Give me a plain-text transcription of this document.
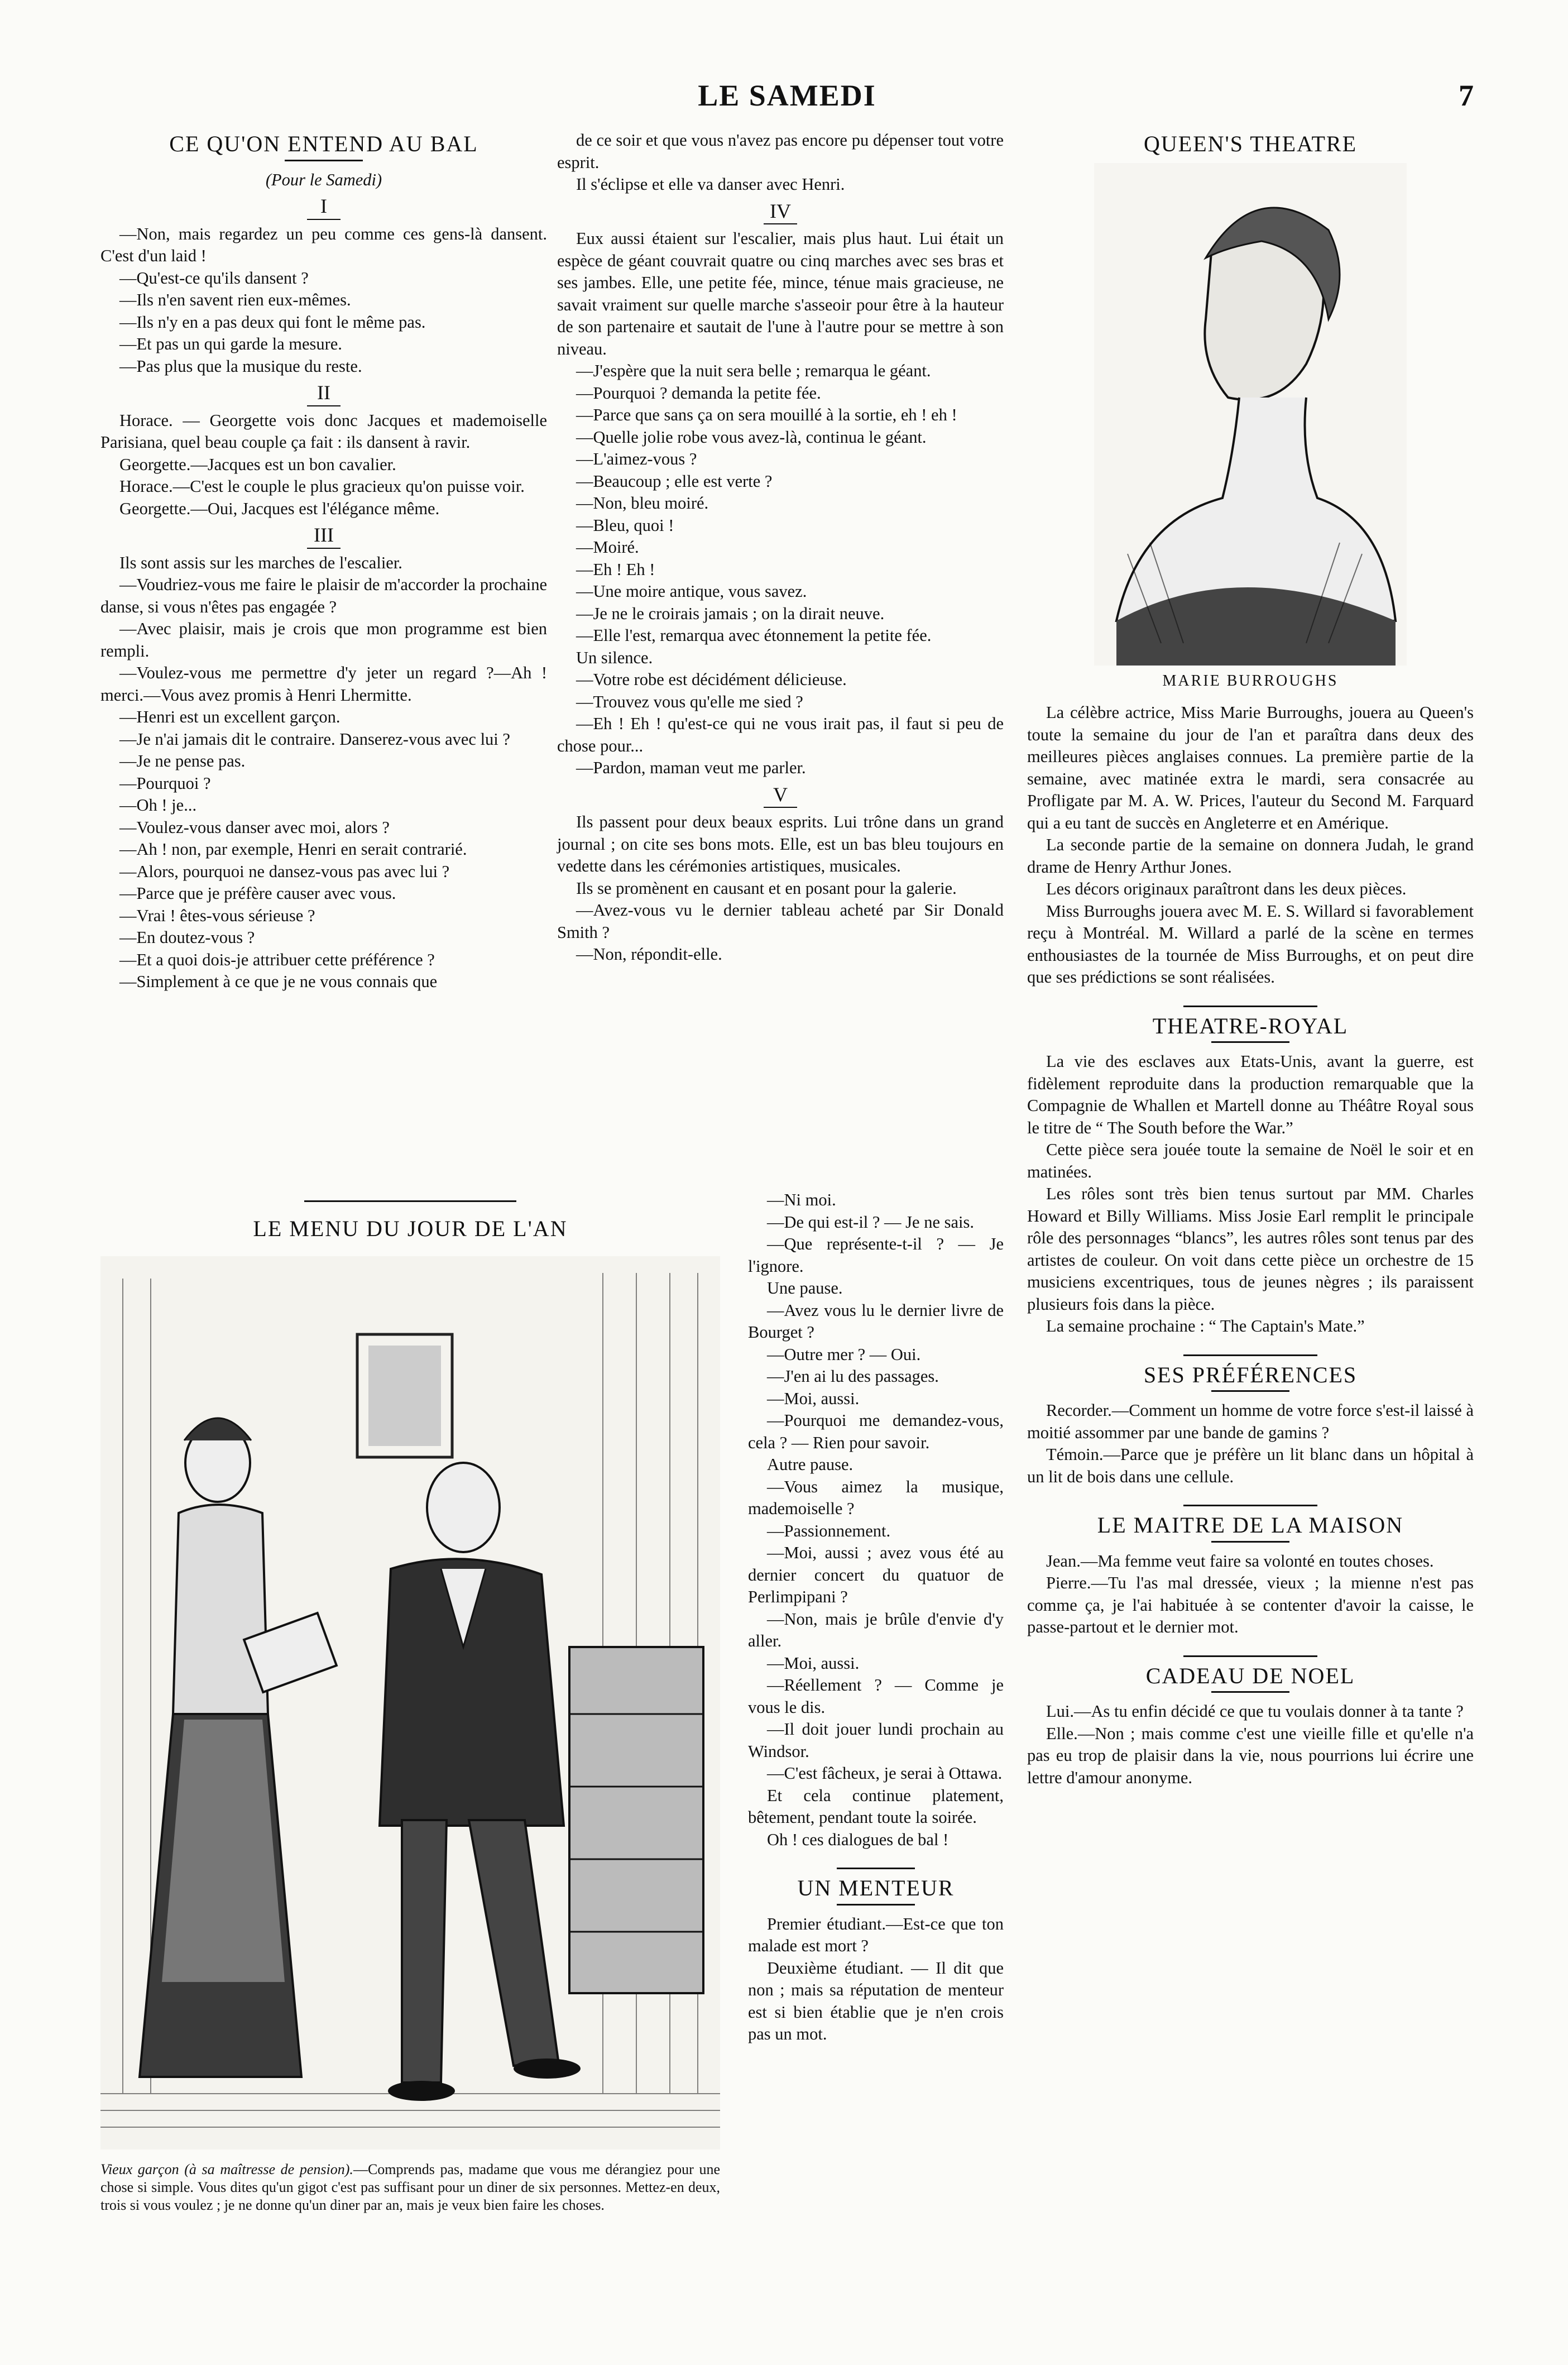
LE SAMEDI	7
CE QU'ON ENTEND AU BAL
(Pour le Samedi)
I

—Non, mais regardez un peu comme ces gens-là dansent. C'est d'un laid !

—Qu'est-ce qu'ils dansent ?

—Ils n'en savent rien eux-mêmes.

—Ils n'y en a pas deux qui font le même pas.

—Et pas un qui garde la mesure.

—Pas plus que la musique du reste.

II

Horace. — Georgette vois donc Jacques et mademoiselle Parisiana, quel beau couple ça fait : ils dansent à ravir.

Georgette.—Jacques est un bon cavalier.

Horace.—C'est le couple le plus gracieux qu'on puisse voir.

Georgette.—Oui, Jacques est l'élégance même.

III

Ils sont assis sur les marches de l'escalier.

—Voudriez-vous me faire le plaisir de m'accorder la prochaine danse, si vous n'êtes pas engagée ?

—Avec plaisir, mais je crois que mon programme est bien rempli.

—Voulez-vous me permettre d'y jeter un regard ?—Ah ! merci.—Vous avez promis à Henri Lhermitte.

—Henri est un excellent garçon.

—Je n'ai jamais dit le contraire. Danserez-vous avec lui ?

—Je ne pense pas.

—Pourquoi ?

—Oh ! je...

—Voulez-vous danser avec moi, alors ?

—Ah ! non, par exemple, Henri en serait contrarié.

—Alors, pourquoi ne dansez-vous pas avec lui ?

—Parce que je préfère causer avec vous.

—Vrai ! êtes-vous sérieuse ?

—En doutez-vous ?

—Et a quoi dois-je attribuer cette préférence ?

—Simplement à ce que je ne vous connais que

de ce soir et que vous n'avez pas encore pu dépenser tout votre esprit.

Il s'éclipse et elle va danser avec Henri.

IV

Eux aussi étaient sur l'escalier, mais plus haut. Lui était un espèce de géant couvrait quatre ou cinq marches avec ses bras et ses jambes. Elle, une petite fée, mince, ténue mais gracieuse, ne savait vraiment sur quelle marche s'asseoir pour être à la hauteur de son partenaire et sautait de l'une à l'autre pour se mettre à son niveau.

—J'espère que la nuit sera belle ; remarqua le géant.

—Pourquoi ? demanda la petite fée.

—Parce que sans ça on sera mouillé à la sortie, eh ! eh !

—Quelle jolie robe vous avez-là, continua le géant.

—L'aimez-vous ?

—Beaucoup ; elle est verte ?

—Non, bleu moiré.

—Bleu, quoi !

—Moiré.

—Eh ! Eh !

—Une moire antique, vous savez.

—Je ne le croirais jamais ; on la dirait neuve.

—Elle l'est, remarqua avec étonnement la petite fée.

Un silence.

—Votre robe est décidément délicieuse.

—Trouvez vous qu'elle me sied ?

—Eh ! Eh ! qu'est-ce qui ne vous irait pas, il faut si peu de chose pour...

—Pardon, maman veut me parler.

V

Ils passent pour deux beaux esprits. Lui trône dans un grand journal ; on cite ses bons mots. Elle, est un bas bleu toujours en vedette dans les cérémonies artistiques, musicales.

Ils se promènent en causant et en posant pour la galerie.

—Avez-vous vu le dernier tableau acheté par Sir Donald Smith ?

—Non, répondit-elle.

LE MENU DU JOUR DE L'AN
Vieux garçon (à sa maîtresse de pension).—Comprends pas, madame que vous me dérangiez pour une chose si simple. Vous dites qu'un gigot c'est pas suffisant pour un diner de six personnes. Mettez-en deux, trois si vous voulez ; je ne donne qu'un diner par an, mais je veux bien faire les choses.

—Ni moi.

—De qui est-il ? — Je ne sais.

—Que représente-t-il ? — Je l'ignore.

Une pause.

—Avez vous lu le dernier livre de Bourget ?

—Outre mer ? — Oui.

—J'en ai lu des passages.

—Moi, aussi.

—Pourquoi me demandez-vous, cela ? — Rien pour savoir.

Autre pause.

—Vous aimez la musique, mademoiselle ?

—Passionnement.

—Moi, aussi ; avez vous été au dernier concert du quatuor de Perlimpipani ?

—Non, mais je brûle d'envie d'y aller.

—Moi, aussi.

—Réellement ? — Comme je vous le dis.

—Il doit jouer lundi prochain au Windsor.

—C'est fâcheux, je serai à Ottawa.

Et cela continue platement, bêtement, pendant toute la soirée.

Oh ! ces dialogues de bal !

UN MENTEUR

Premier étudiant.—Est-ce que ton malade est mort ?

Deuxième étudiant. — Il dit que non ; mais sa réputation de menteur est si bien établie que je n'en crois pas un mot.

QUEEN'S THEATRE
MARIE BURROUGHS

La célèbre actrice, Miss Marie Burroughs, jouera au Queen's toute la semaine du jour de l'an et paraîtra dans deux des meilleures pièces anglaises connues. La première partie de la semaine, avec matinée extra le mardi, sera consacrée au Profligate par M. A. W. Prices, l'auteur du Second M. Farquard qui a eu tant de succès en Angleterre et en Amérique.

La seconde partie de la semaine on donnera Judah, le grand drame de Henry Arthur Jones.

Les décors originaux paraîtront dans les deux pièces.

Miss Burroughs jouera avec M. E. S. Willard si favorablement reçu à Montréal. M. Willard a parlé de la scène en termes enthousiastes de la tournée de Miss Burroughs, et on peut dire que ses prédictions se sont réalisées.

THEATRE-ROYAL

La vie des esclaves aux Etats-Unis, avant la guerre, est fidèlement reproduite dans la production remarquable que la Compagnie de Whallen et Martell donne au Théâtre Royal sous le titre de “ The South before the War.”

Cette pièce sera jouée toute la semaine de Noël le soir et en matinées.

Les rôles sont très bien tenus surtout par MM. Charles Howard et Billy Williams. Miss Josie Earl remplit le principale rôle des personnages “blancs”, les autres rôles sont tenus par des artistes de couleur. On voit dans cette pièce un orchestre de 15 musiciens excentriques, tous de jeunes nègres ; ils paraissent plusieurs fois dans la pièce.

La semaine prochaine : “ The Captain's Mate.”

SES PRÉFÉRENCES

Recorder.—Comment un homme de votre force s'est-il laissé à moitié assommer par une bande de gamins ?

Témoin.—Parce que je préfère un lit blanc dans un hôpital à un lit de bois dans une cellule.

LE MAITRE DE LA MAISON

Jean.—Ma femme veut faire sa volonté en toutes choses.

Pierre.—Tu l'as mal dressée, vieux ; la mienne n'est pas comme ça, je l'ai habituée à se contenter d'avoir la caisse, le passe-partout et le dernier mot.

CADEAU DE NOEL

Lui.—As tu enfin décidé ce que tu voulais donner à ta tante ?

Elle.—Non ; mais comme c'est une vieille fille et qu'elle n'a pas eu trop de plaisir dans la vie, nous pourrions lui écrire une lettre d'amour anonyme.
